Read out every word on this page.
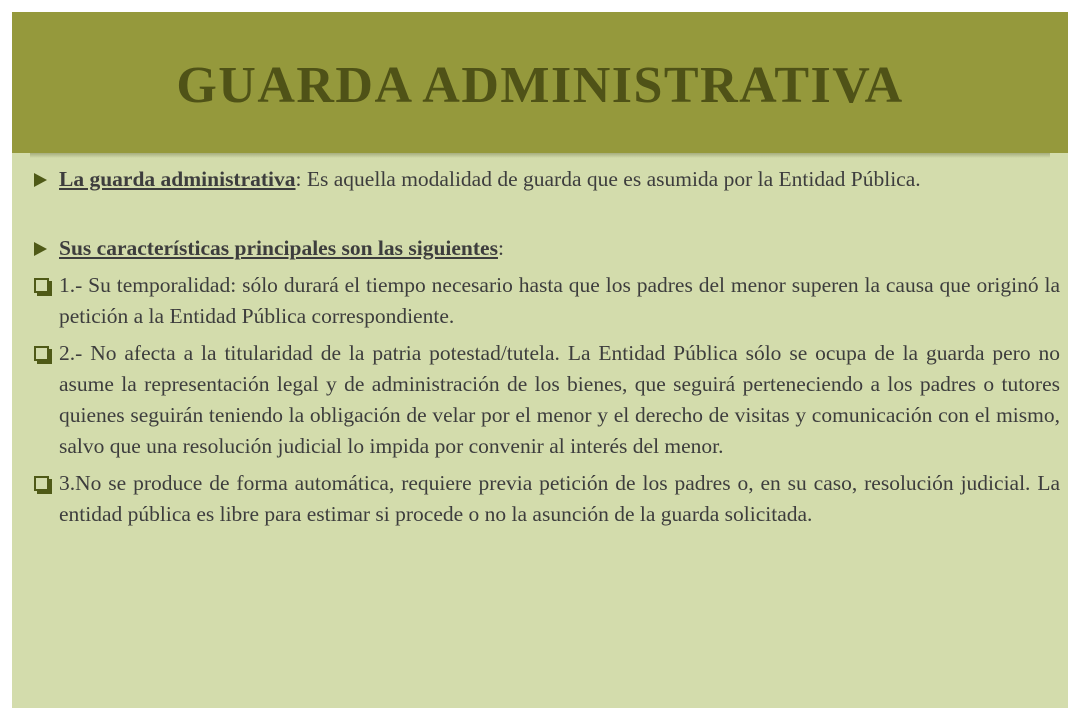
GUARDA ADMINISTRATIVA
La guarda administrativa: Es aquella modalidad de guarda que es asumida por la Entidad Pública.
Sus características principales son las siguientes:
1.- Su temporalidad: sólo durará el tiempo necesario hasta que los padres del menor superen la causa que originó la petición a la Entidad Pública correspondiente.
2.- No afecta a la titularidad de la patria potestad/tutela. La Entidad Pública sólo se ocupa de la guarda pero no asume la representación legal y de administración de los bienes, que seguirá perteneciendo a los padres o tutores quienes seguirán teniendo la obligación de velar por el menor y el derecho de visitas y comunicación con el mismo, salvo que una resolución judicial lo impida por convenir al interés del menor.
3.No se produce de forma automática, requiere previa petición de los padres o, en su caso, resolución judicial. La entidad pública es libre para estimar si procede o no la asunción de la guarda solicitada.
